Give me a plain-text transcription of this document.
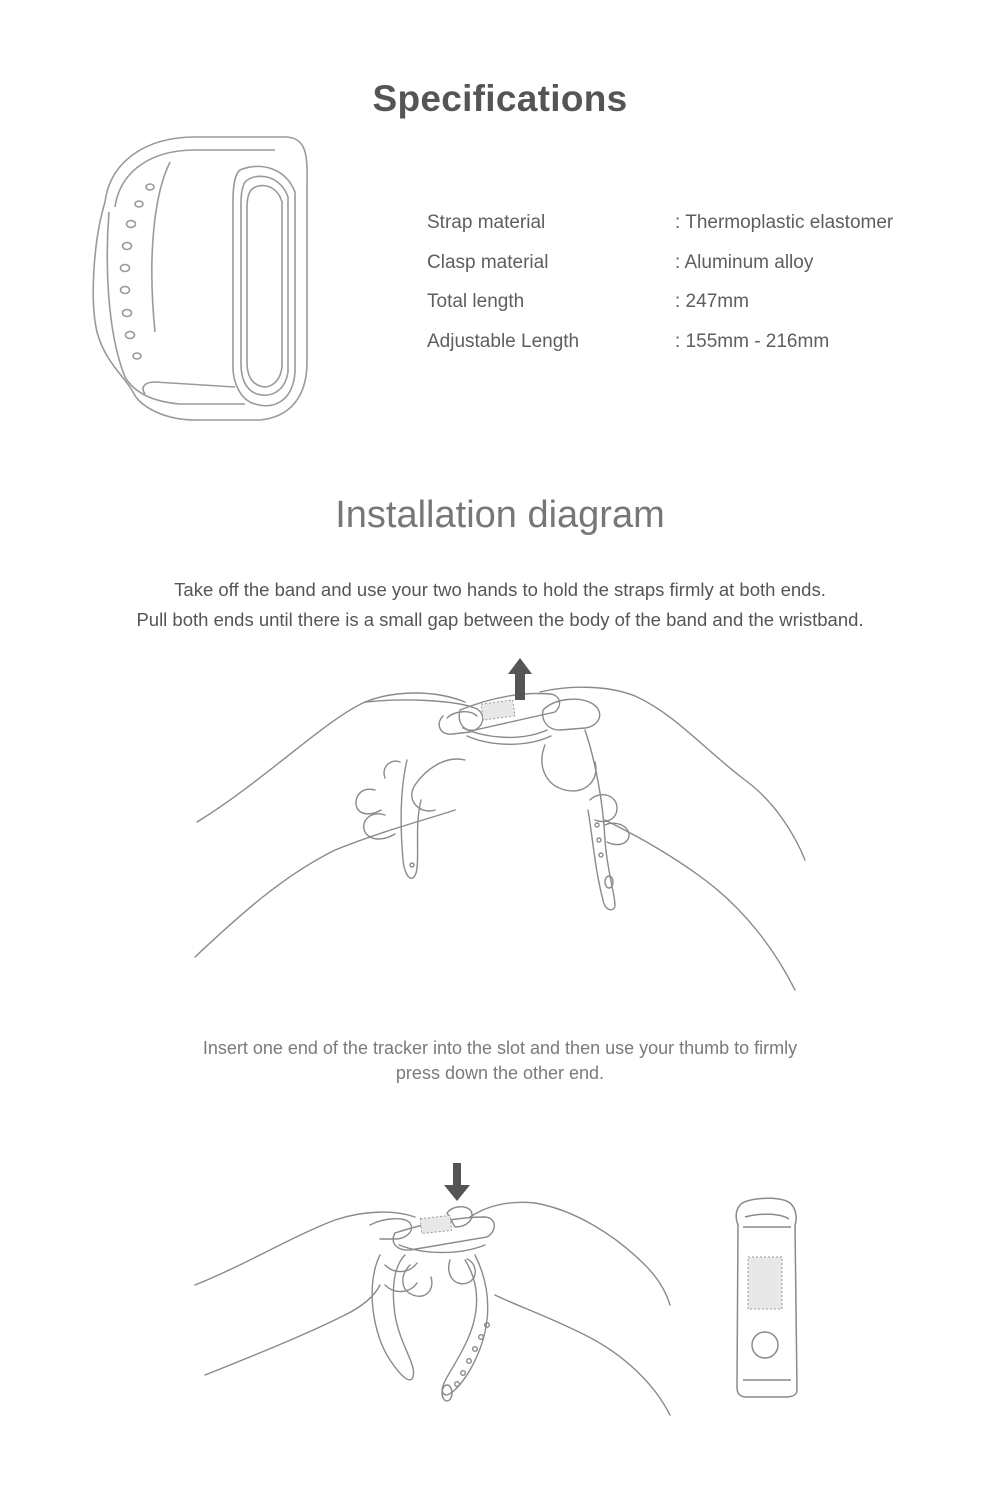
Specifications
Strap material	: Thermoplastic elastomer
Clasp material	: Aluminum alloy
Total length	: 247mm
Adjustable Length	: 155mm - 216mm
Installation diagram
Take off the band and use your two hands to hold the straps firmly at both ends.
Pull both ends until there is a small gap between the body of the band and the wristband.
Insert one end of the tracker into the slot and then use your thumb to firmly
press down the other end.
